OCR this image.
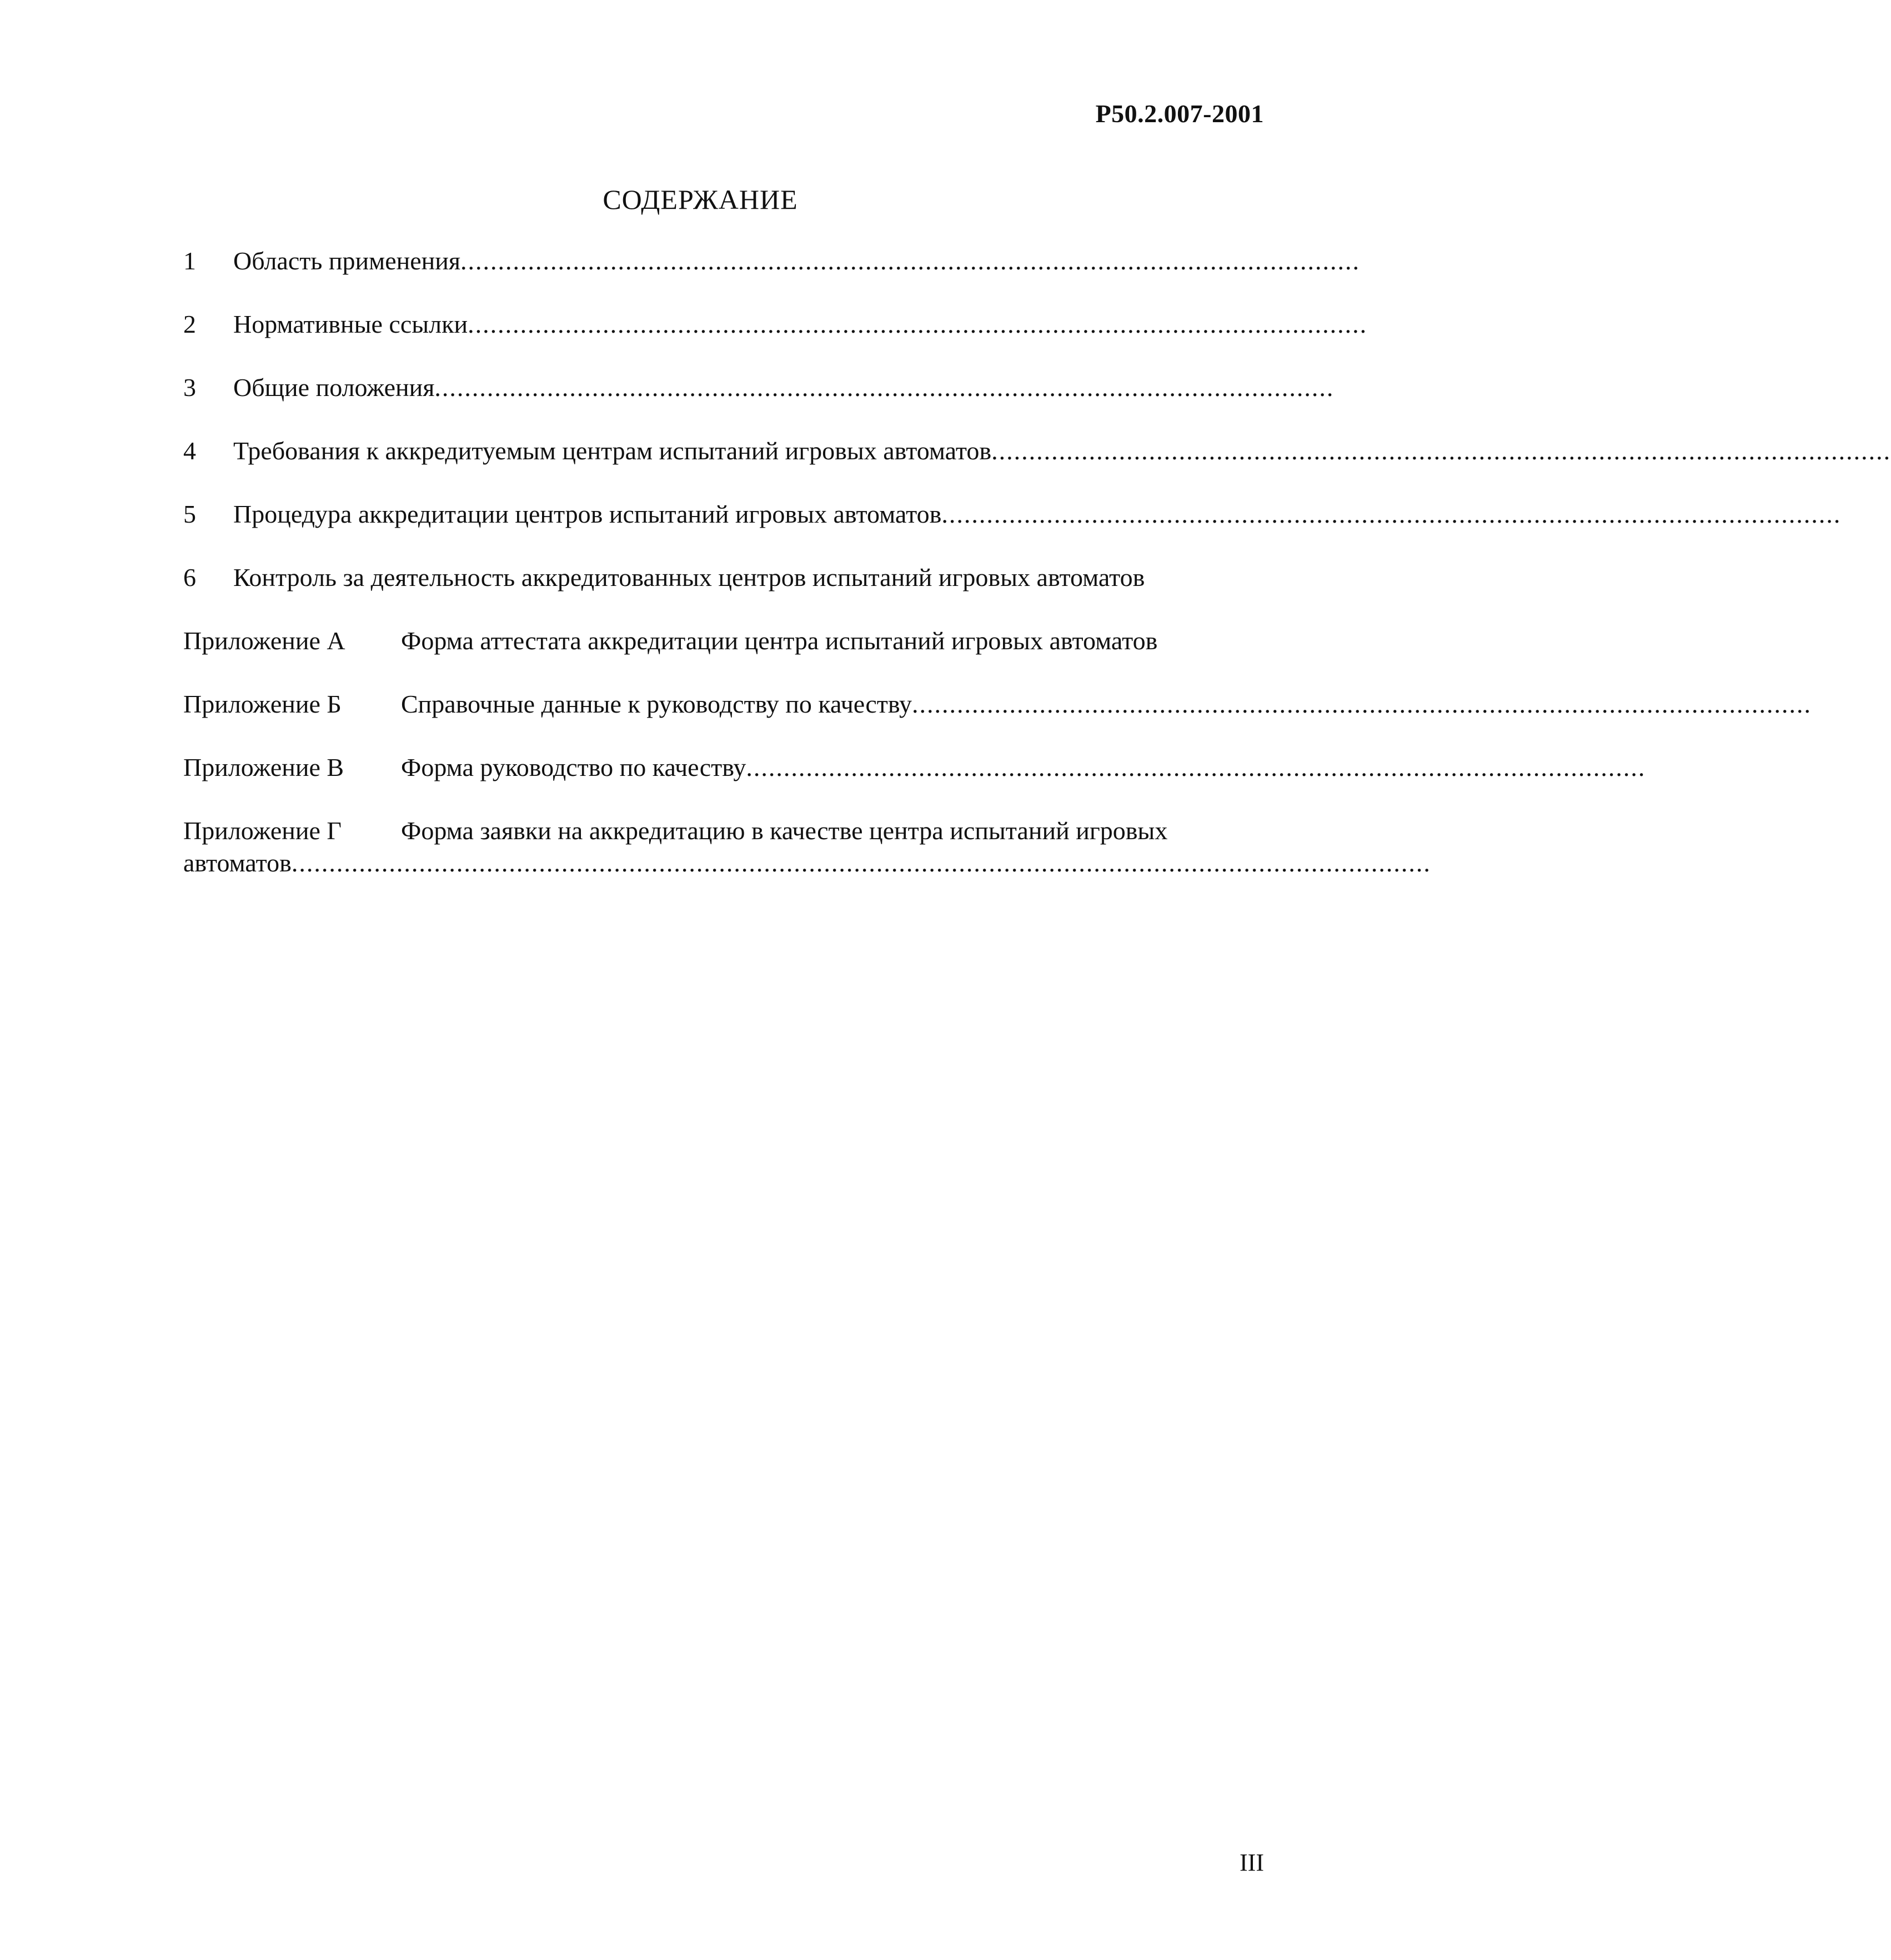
Р50.2.007-2001
СОДЕРЖАНИЕ
1 Область применения........................................................................................................................
2 Нормативные ссылки........................................................................................................................
3 Общие положения........................................................................................................................
4 Требования к аккредитуемым центрам испытаний игровых автоматов........................................................................................................................
5 Процедура аккредитации центров испытаний игровых автоматов........................................................................................................................
6 Контроль за деятельность аккредитованных центров испытаний игровых автоматов
Приложение А Форма аттестата аккредитации центра испытаний игровых автоматов
Приложение Б Справочные данные к руководству по качеству........................................................................................................................
Приложение В Форма руководство по качеству........................................................................................................................
Приложение Г Форма заявки на аккредитацию в качестве центра испытаний игровых
автоматов........................................................................................................................................................
III
